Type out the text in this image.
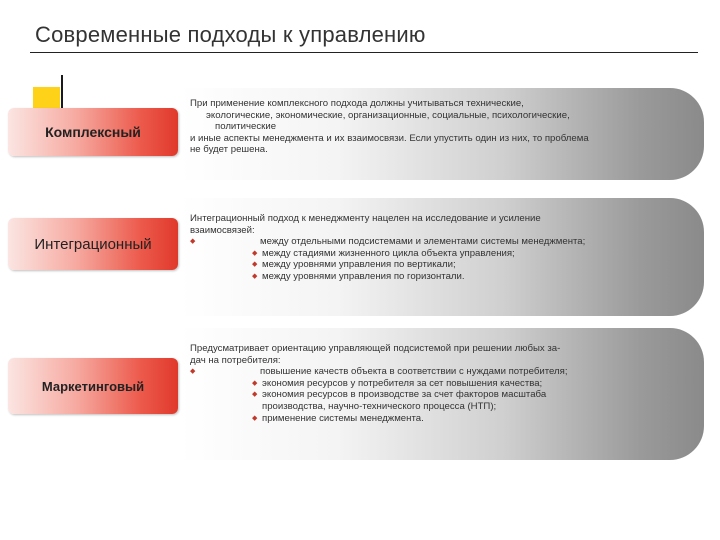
Современные подходы к управлению
Комплексный
При применение комплексного подхода должны учитываться технические,
экологические, экономические, организационные, социальные, психологические,
политические
и иные аспекты менеджмента и их взаимосвязи. Если упустить один из них, то проблема
не будет решена.
Интеграционный
Интеграционный подход к менеджменту нацелен на исследование и усиление
взаимосвязей:
◆	между отдельными подсистемами и элементами системы менеджмента;
◆ между стадиями жизненного цикла объекта управления;
◆ между уровнями управления по вертикали;
◆ между уровнями управления по горизонтали.
Маркетинговый
Предусматривает ориентацию управляющей подсистемой при решении любых за-
дач на потребителя:
◆	повышение качеств объекта в соответствии с нуждами потребителя;
◆ экономия ресурсов у потребителя за сет повышения качества;
◆ экономия ресурсов в производстве за счет факторов масштаба
производства, научно-технического процесса (НТП);
◆ применение системы менеджмента.
